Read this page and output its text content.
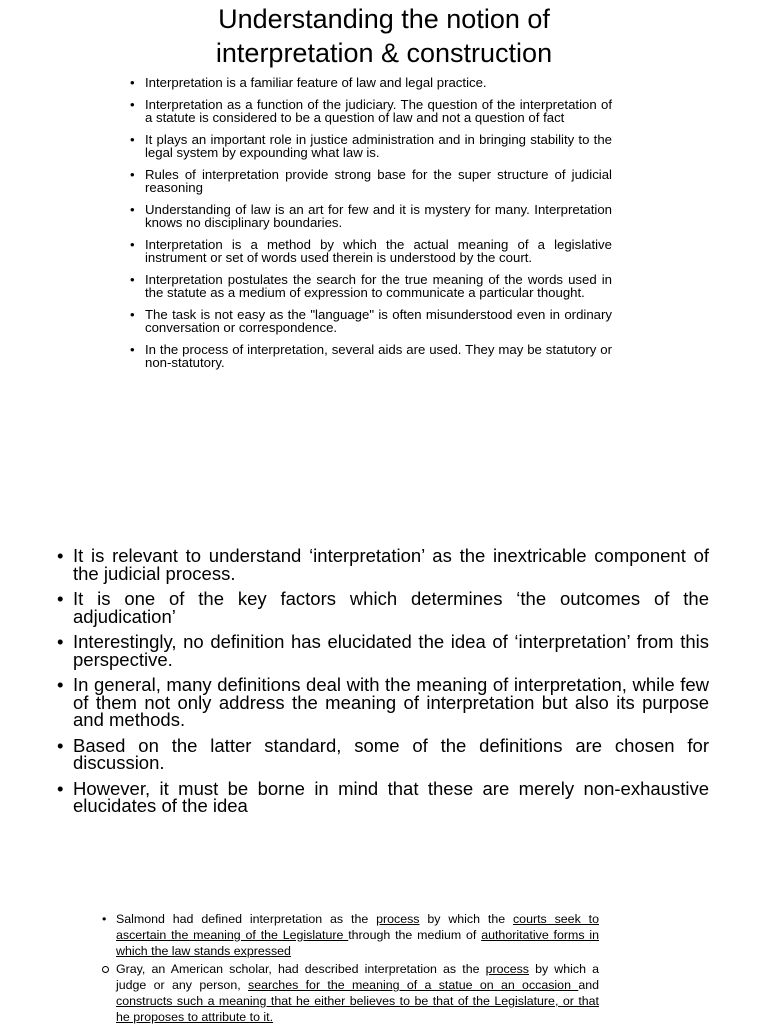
Understanding the notion of
interpretation & construction
• Interpretation is a familiar feature of law and legal practice.
• Interpretation as a function of the judiciary. The question of the interpretation of a statute is considered to be a question of law and not a question of fact
• It plays an important role in justice administration and in bringing stability to the legal system by expounding what law is.
• Rules of interpretation provide strong base for the super structure of judicial reasoning
• Understanding of law is an art for few and it is mystery for many. Interpretation knows no disciplinary boundaries.
• Interpretation is a method by which the actual meaning of a legislative instrument or set of words used therein is understood by the court.
• Interpretation postulates the search for the true meaning of the words used in the statute as a medium of expression to communicate a particular thought.
• The task is not easy as the "language" is often misunderstood even in ordinary conversation or correspondence.
• In the process of interpretation, several aids are used. They may be statutory or non-statutory.
• It is relevant to understand ‘interpretation’ as the inextricable component of the judicial process.
• It is one of the key factors which determines ‘the outcomes of the adjudication’
• Interestingly, no definition has elucidated the idea of ‘interpretation’ from this perspective.
• In general, many definitions deal with the meaning of interpretation, while few of them not only address the meaning of interpretation but also its purpose and methods.
• Based on the latter standard, some of the definitions are chosen for discussion.
• However, it must be borne in mind that these are merely non-exhaustive elucidates of the idea
• Salmond had defined interpretation as the process by which the courts seek to ascertain the meaning of the Legislature through the medium of authoritative forms in which the law stands expressed
Gray, an American scholar, had described interpretation as the process by which a judge or any person, searches for the meaning of a statue on an occasion and constructs such a meaning that he either believes to be that of the Legislature, or that he proposes to attribute to it.
